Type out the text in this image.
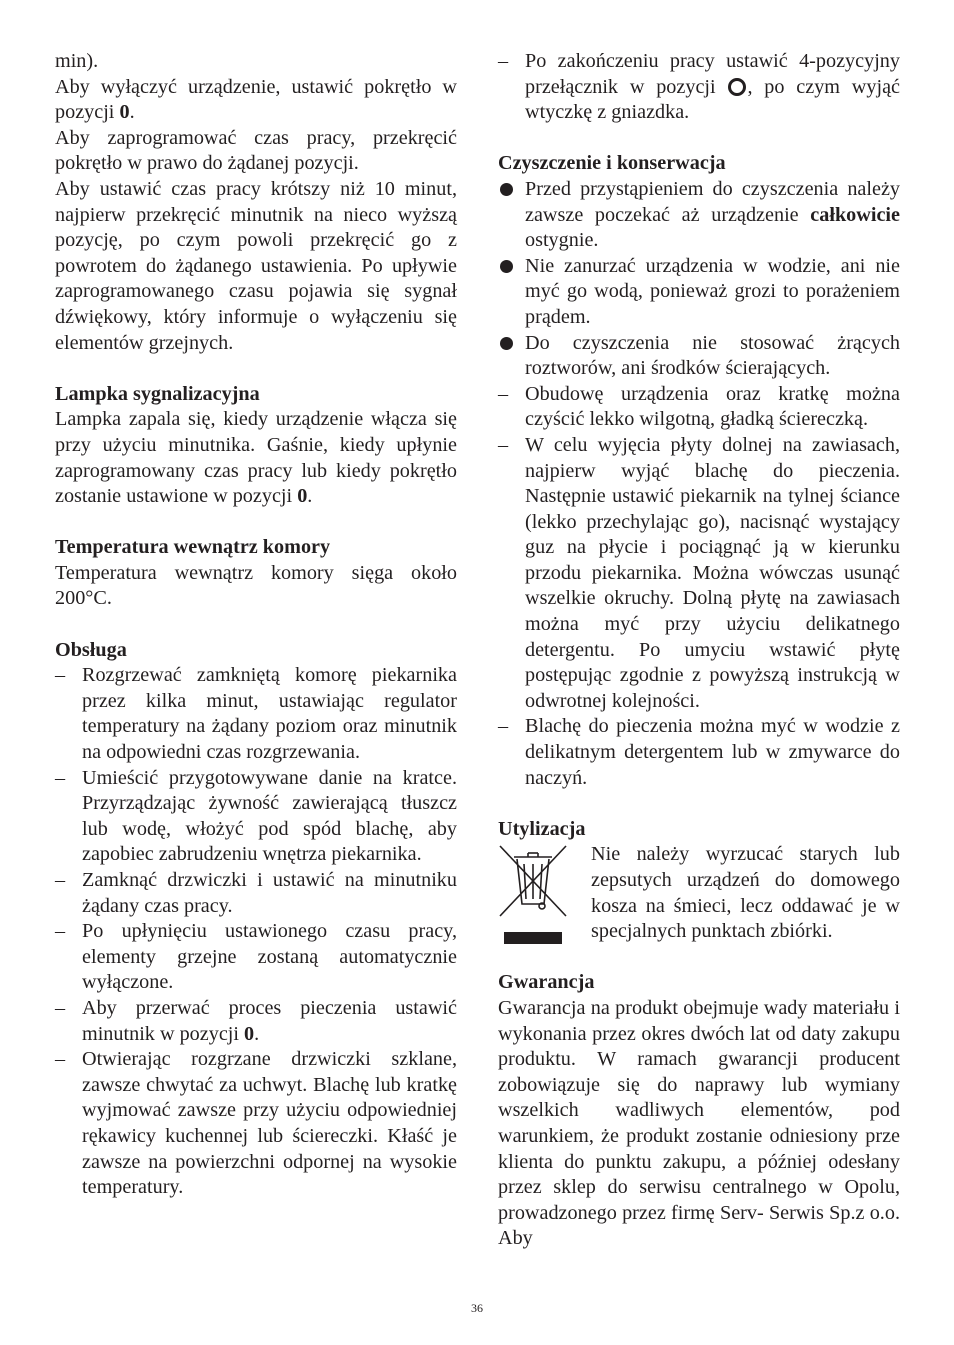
min).

Aby wyłączyć urządzenie, ustawić pokrętło w pozycji 0.

Aby zaprogramować czas pracy, przekręcić pokrętło w prawo do żądanej pozycji.

Aby ustawić czas pracy krótszy niż 10 minut, najpierw przekręcić minutnik na nieco wyższą pozycję, po czym powoli przekręcić go z powrotem do żądanego ustawienia. Po upływie zaprogramowanego czasu pojawia się sygnał dźwiękowy, który informuje o wyłączeniu się elementów grzejnych.

Lampka sygnalizacyjna

Lampka zapala się, kiedy urządzenie włącza się przy użyciu minutnika. Gaśnie, kiedy upłynie zaprogramowany czas pracy lub kiedy pokrętło zostanie ustawione w pozycji 0.

Temperatura wewnątrz komory

Temperatura wewnątrz komory sięga około 200°C.

Obsługa
– Rozgrzewać zamkniętą komorę piekarnika przez kilka minut, ustawiając regulator temperatury na żądany poziom oraz minutnik na odpowiedni czas rozgrzewania.
– Umieścić przygotowywane danie na kratce. Przyrządzając żywność zawierającą tłuszcz lub wodę, włożyć pod spód blachę, aby zapobiec zabrudzeniu wnętrza piekarnika.
– Zamknąć drzwiczki i ustawić na minutniku żądany czas pracy.
– Po upłynięciu ustawionego czasu pracy, elementy grzejne zostaną automatycznie wyłączone.
– Aby przerwać proces pieczenia ustawić minutnik w pozycji 0.
– Otwierając rozgrzane drzwiczki szklane, zawsze chwytać za uchwyt. Blachę lub kratkę wyjmować zawsze przy użyciu odpowiedniej rękawicy kuchennej lub ściereczki. Kłaść je zawsze na powierzchni odpornej na wysokie temperatury.
– Po zakończeniu pracy ustawić 4-pozycyjny przełącznik w pozycji , po czym wyjąć wtyczkę z gniazdka.
Czyszczenie i konserwacja
Przed przystąpieniem do czyszczenia należy zawsze poczekać aż urządzenie całkowicie ostygnie.
Nie zanurzać urządzenia w wodzie, ani nie myć go wodą, ponieważ grozi to porażeniem prądem.
Do czyszczenia nie stosować żrących roztworów, ani środków ścierających.
– Obudowę urządzenia oraz kratkę można czyścić lekko wilgotną, gładką ściereczką.
– W celu wyjęcia płyty dolnej na zawiasach, najpierw wyjąć blachę do pieczenia. Następnie ustawić piekarnik na tylnej ściance (lekko przechylając go), nacisnąć wystający guz na płycie i pociągnąć ją w kierunku przodu piekarnika. Można wówczas usunąć wszelkie okruchy. Dolną płytę na zawiasach można myć przy użyciu delikatnego detergentu. Po umyciu wstawić płytę postępując zgodnie z powyższą instrukcją w odwrotnej kolejności.
– Blachę do pieczenia można myć w wodzie z delikatnym detergentem lub w zmywarce do naczyń.
Utylizacja

Nie należy wyrzucać starych lub zepsutych urządzeń do domowego kosza na śmieci, lecz oddawać je w specjalnych punktach zbiórki.

Gwarancja

Gwarancja na produkt obejmuje wady materiału i wykonania przez okres dwóch lat od daty zakupu produktu. W ramach gwarancji producent zobowiązuje się do naprawy lub wymiany wszelkich wadliwych elementów, pod warunkiem, że produkt zostanie odniesiony prze klienta do punktu zakupu, a później odesłany przez sklep do serwisu centralnego w Opolu, prowadzonego przez firmę Serv- Serwis Sp.z o.o. Aby

36
